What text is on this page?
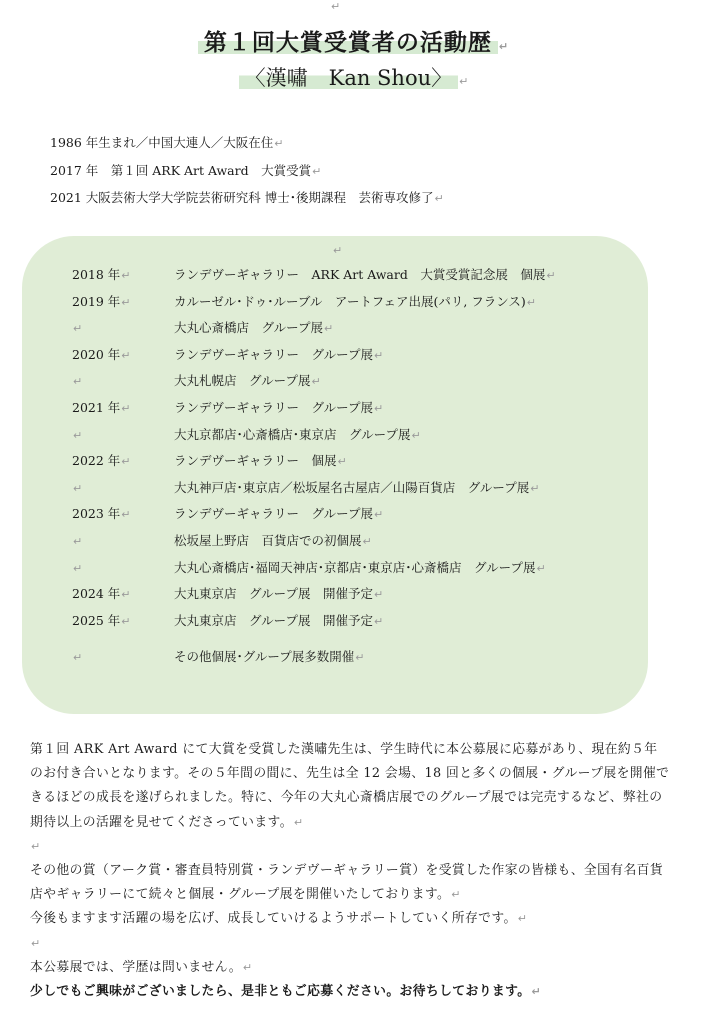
↵
第１回大賞受賞者の活動歴 ↵
〈漢嘯　Kan Shou〉 ↵
1986 年生まれ／中国大連人／大阪在住↵
2017 年　第１回 ARK Art Award　大賞受賞↵
2021 大阪芸術大学大学院芸術研究科 博士･後期課程　芸術専攻修了↵
↵
2018 年↵	ランデヴーギャラリー　ARK Art Award　大賞受賞記念展　個展↵
2019 年↵	カルーゼル･ドゥ･ルーブル　アートフェア出展(パリ, フランス)↵
↵	大丸心斎橋店　グループ展↵
2020 年↵	ランデヴーギャラリー　グループ展↵
↵	大丸札幌店　グループ展↵
2021 年↵	ランデヴーギャラリー　グループ展↵
↵	大丸京都店･心斎橋店･東京店　グループ展↵
2022 年↵	ランデヴーギャラリー　個展↵
↵	大丸神戸店･東京店／松坂屋名古屋店／山陽百貨店　グループ展↵
2023 年↵	ランデヴーギャラリー　グループ展↵
↵	松坂屋上野店　百貨店での初個展↵
↵	大丸心斎橋店･福岡天神店･京都店･東京店･心斎橋店　グループ展↵
2024 年↵	大丸東京店　グループ展　開催予定↵
2025 年↵	大丸東京店　グループ展　開催予定↵
↵	その他個展･グループ展多数開催↵

第１回 ARK Art Award にて大賞を受賞した漢嘯先生は、学生時代に本公募展に応募があり、現在約５年のお付き合いとなります。その５年間の間に、先生は全 12 会場、18 回と多くの個展・グループ展を開催できるほどの成長を遂げられました。特に、今年の大丸心斎橋店展でのグループ展では完売するなど、弊社の期待以上の活躍を見せてくださっています。↵

↵

その他の賞（アーク賞・審査員特別賞・ランデヴーギャラリー賞）を受賞した作家の皆様も、全国有名百貨店やギャラリーにて続々と個展・グループ展を開催いたしております。↵

今後もますます活躍の場を広げ、成長していけるようサポートしていく所存です。↵

↵

本公募展では、学歴は問いません。↵

少しでもご興味がございましたら、是非ともご応募ください。お待ちしております。↵
